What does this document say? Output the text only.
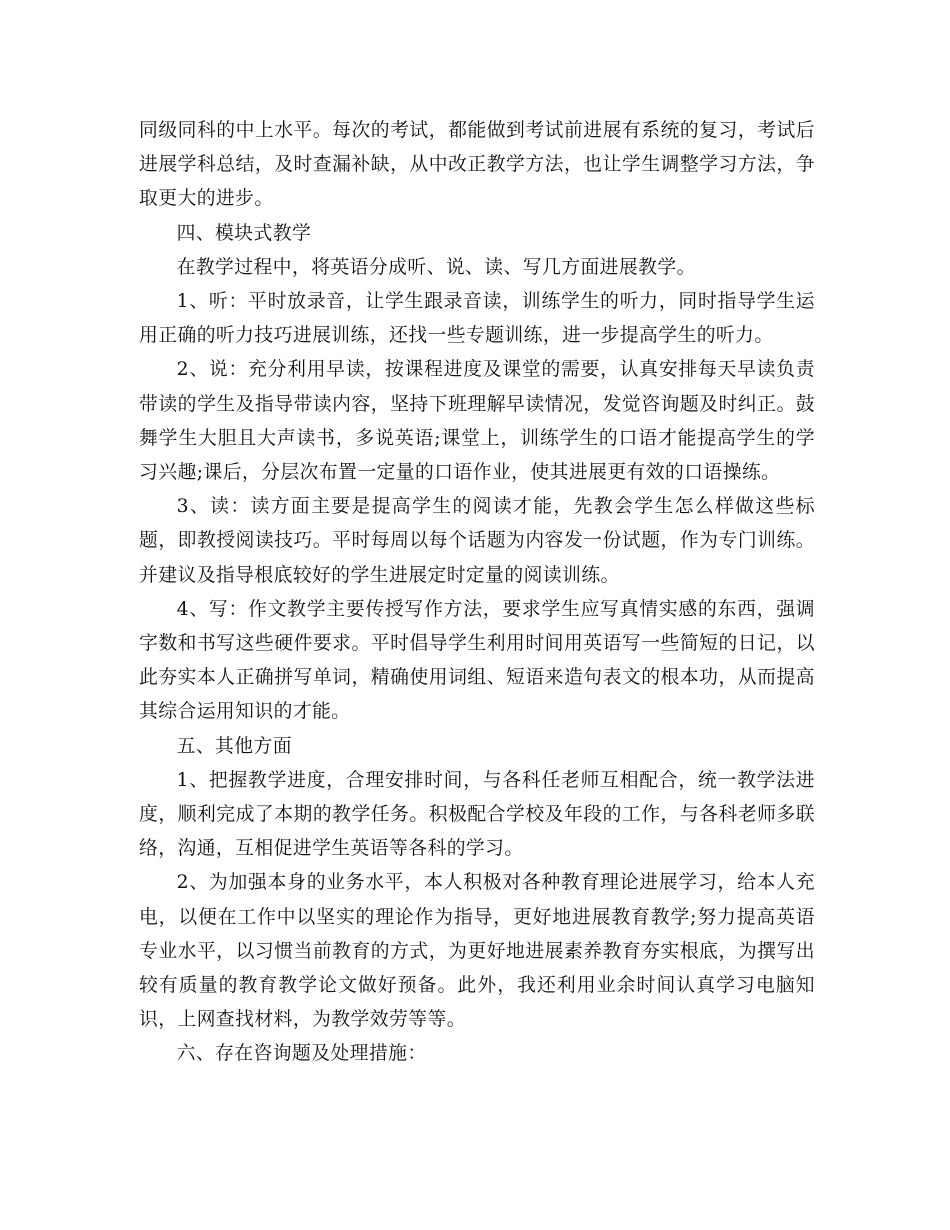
同级同科的中上水平。每次的考试，都能做到考试前进展有系统的复习，考试后进展学科总结，及时查漏补缺，从中改正教学方法，也让学生调整学习方法，争取更大的进步。

四、模块式教学

在教学过程中，将英语分成听、说、读、写几方面进展教学。

1、听：平时放录音，让学生跟录音读，训练学生的听力，同时指导学生运用正确的听力技巧进展训练，还找一些专题训练，进一步提高学生的听力。

2、说：充分利用早读，按课程进度及课堂的需要，认真安排每天早读负责带读的学生及指导带读内容，坚持下班理解早读情况，发觉咨询题及时纠正。鼓舞学生大胆且大声读书，多说英语;课堂上，训练学生的口语才能提高学生的学习兴趣;课后，分层次布置一定量的口语作业，使其进展更有效的口语操练。

3、读：读方面主要是提高学生的阅读才能，先教会学生怎么样做这些标题，即教授阅读技巧。平时每周以每个话题为内容发一份试题，作为专门训练。并建议及指导根底较好的学生进展定时定量的阅读训练。

4、写：作文教学主要传授写作方法，要求学生应写真情实感的东西，强调字数和书写这些硬件要求。平时倡导学生利用时间用英语写一些简短的日记，以此夯实本人正确拼写单词，精确使用词组、短语来造句表文的根本功，从而提高其综合运用知识的才能。

五、其他方面

1、把握教学进度，合理安排时间，与各科任老师互相配合，统一教学法进度，顺利完成了本期的教学任务。积极配合学校及年段的工作，与各科老师多联络，沟通，互相促进学生英语等各科的学习。

2、为加强本身的业务水平，本人积极对各种教育理论进展学习，给本人充电，以便在工作中以坚实的理论作为指导，更好地进展教育教学;努力提高英语专业水平，以习惯当前教育的方式，为更好地进展素养教育夯实根底，为撰写出较有质量的教育教学论文做好预备。此外，我还利用业余时间认真学习电脑知识，上网查找材料，为教学效劳等等。

六、存在咨询题及处理措施：
